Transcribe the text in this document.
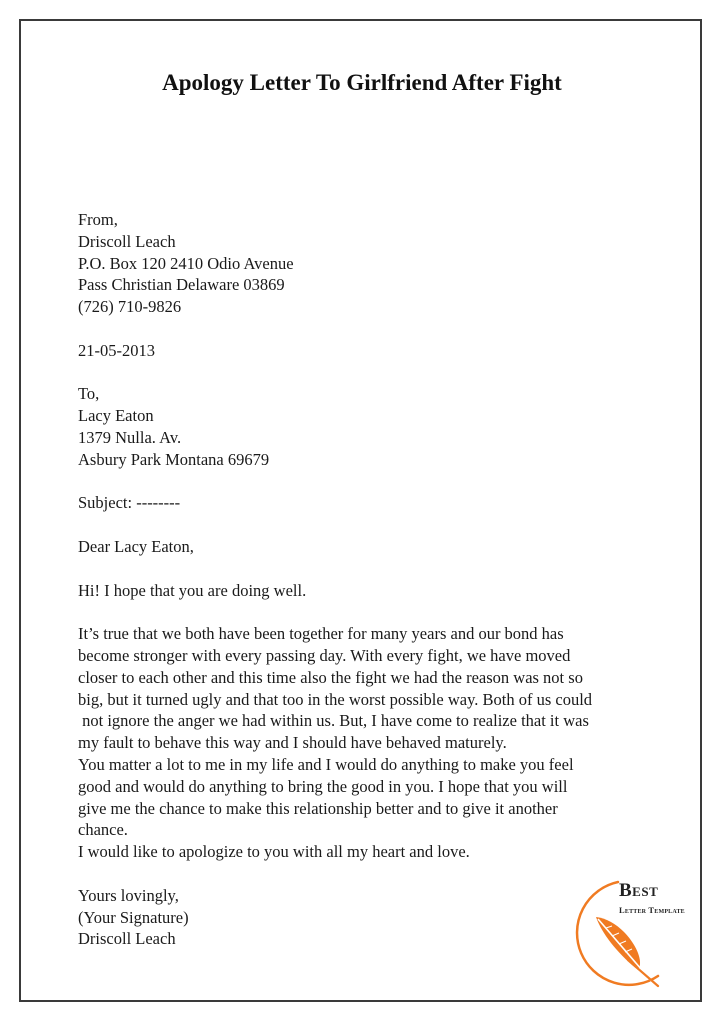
Apology Letter To Girlfriend After Fight
From,
Driscoll Leach
P.O. Box 120 2410 Odio Avenue
Pass Christian Delaware 03869
(726) 710-9826
21-05-2013
To,
Lacy Eaton
1379 Nulla. Av.
Asbury Park Montana 69679
Subject: --------
Dear Lacy Eaton,
Hi! I hope that you are doing well.
It’s true that we both have been together for many years and our bond has
become stronger with every passing day. With every fight, we have moved
closer to each other and this time also the fight we had the reason was not so
big, but it turned ugly and that too in the worst possible way. Both of us could
not ignore the anger we had within us. But, I have come to realize that it was
my fault to behave this way and I should have behaved maturely.
You matter a lot to me in my life and I would do anything to make you feel
good and would do anything to bring the good in you. I hope that you will
give me the chance to make this relationship better and to give it another
chance.
I would like to apologize to you with all my heart and love.
Yours lovingly,
(Your Signature)
Driscoll Leach
Best
Letter Template
